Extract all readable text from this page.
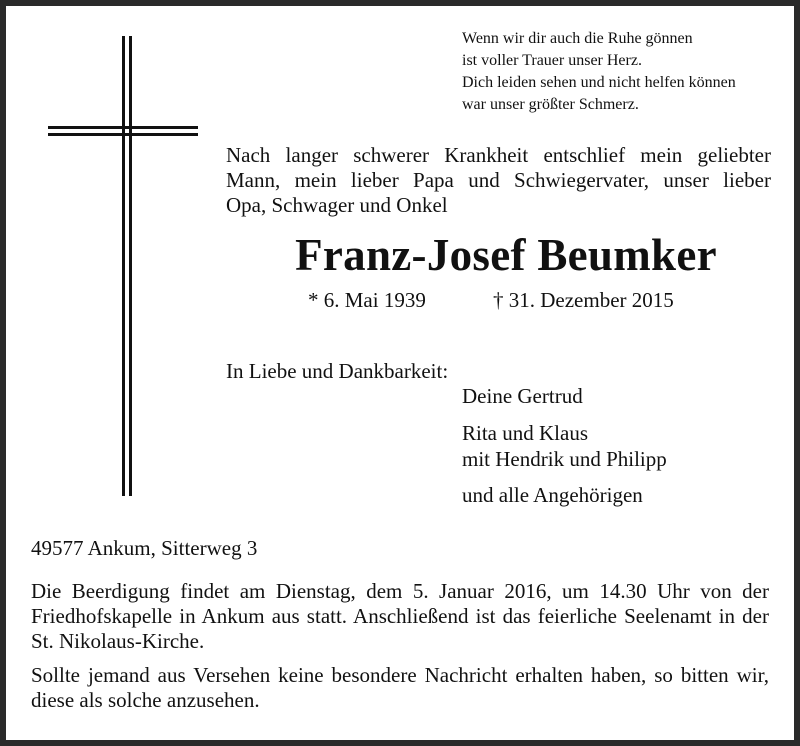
Wenn wir dir auch die Ruhe gönnen
ist voller Trauer unser Herz.
Dich leiden sehen und nicht helfen können
war unser größter Schmerz.
Nach langer schwerer Krankheit entschlief mein geliebter
Mann, mein lieber Papa und Schwiegervater, unser lieber
Opa, Schwager und Onkel
Franz-Josef Beumker
* 6. Mai 1939	† 31. Dezember 2015
In Liebe und Dankbarkeit:
Deine Gertrud
Rita und Klaus
mit Hendrik und Philipp
und alle Angehörigen
49577 Ankum, Sitterweg 3
Die Beerdigung findet am Dienstag, dem 5. Januar 2016, um 14.30 Uhr von der
Friedhofskapelle in Ankum aus statt. Anschließend ist das feierliche Seelenamt in der
St. Nikolaus-Kirche.
Sollte jemand aus Versehen keine besondere Nachricht erhalten haben, so bitten wir,
diese als solche anzusehen.
